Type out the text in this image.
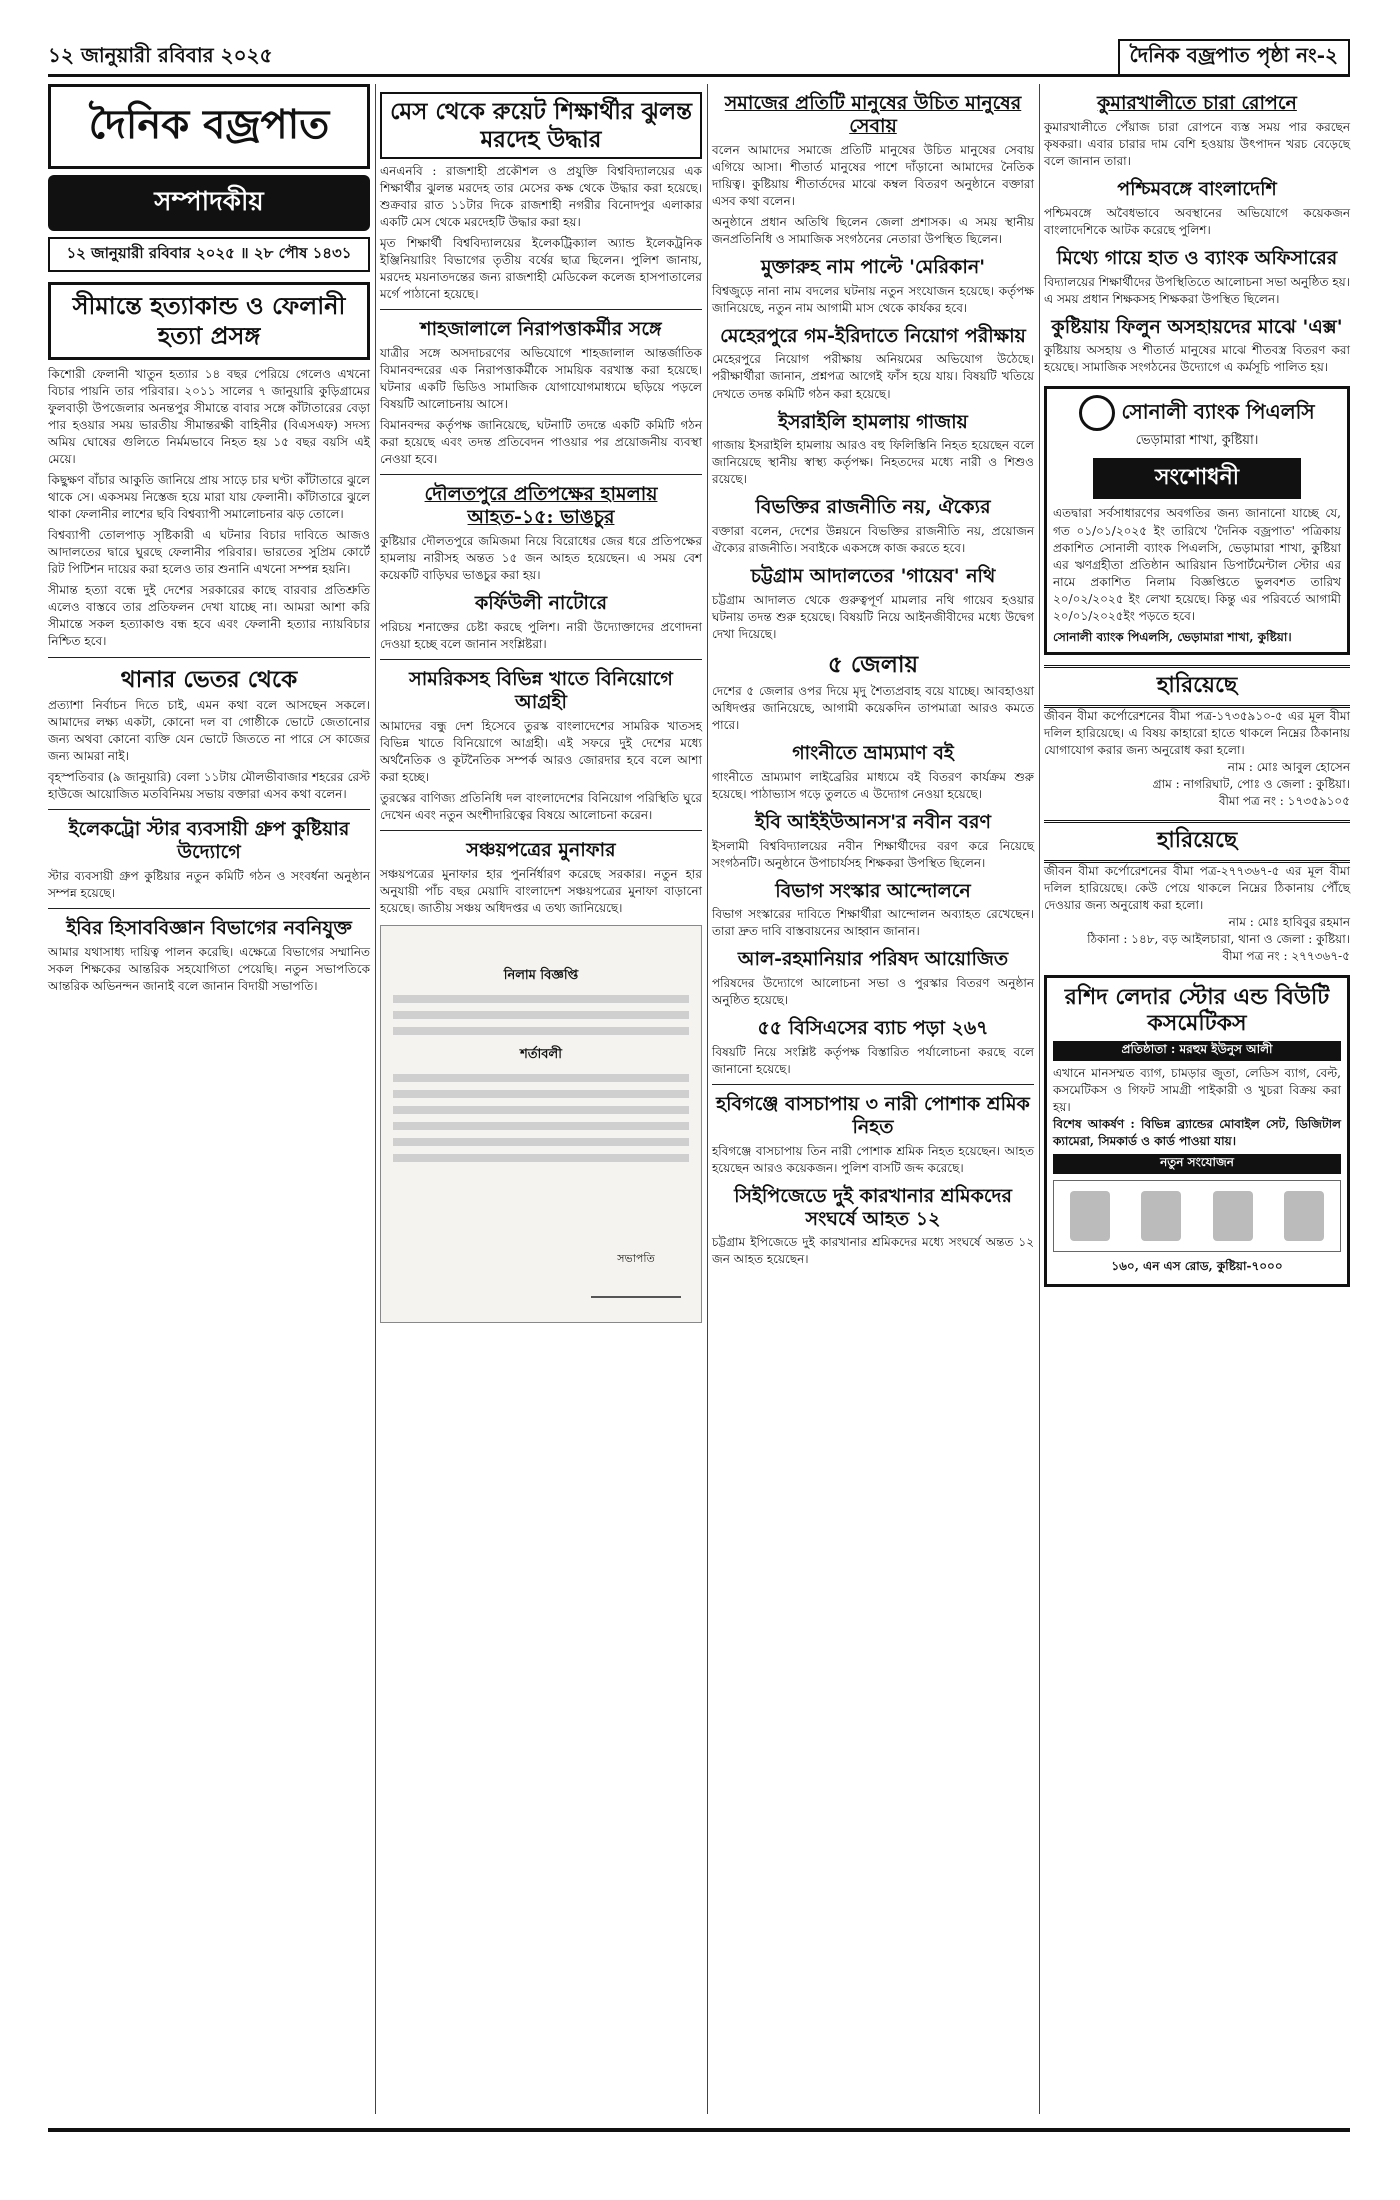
১২ জানুয়ারী রবিবার ২০২৫	দৈনিক বজ্রপাত পৃষ্ঠা নং-২
দৈনিক বজ্রপাত
সম্পাদকীয়
১২ জানুয়ারী রবিবার ২০২৫ ॥ ২৮ পৌষ ১৪৩১
সীমান্তে হত্যাকান্ড ও ফেলানী হত্যা প্রসঙ্গ

কিশোরী ফেলানী খাতুন হত্যার ১৪ বছর পেরিয়ে গেলেও এখনো বিচার পায়নি তার পরিবার। ২০১১ সালের ৭ জানুয়ারি কুড়িগ্রামের ফুলবাড়ী উপজেলার অনন্তপুর সীমান্তে বাবার সঙ্গে কাঁটাতারের বেড়া পার হওয়ার সময় ভারতীয় সীমান্তরক্ষী বাহিনীর (বিএসএফ) সদস্য অমিয় ঘোষের গুলিতে নির্মমভাবে নিহত হয় ১৫ বছর বয়সি এই মেয়ে।

কিছুক্ষণ বাঁচার আকুতি জানিয়ে প্রায় সাড়ে চার ঘণ্টা কাঁটাতারে ঝুলে থাকে সে। একসময় নিস্তেজ হয়ে মারা যায় ফেলানী। কাঁটাতারে ঝুলে থাকা ফেলানীর লাশের ছবি বিশ্বব্যাপী সমালোচনার ঝড় তোলে।

বিশ্বব্যাপী তোলপাড় সৃষ্টিকারী এ ঘটনার বিচার দাবিতে আজও আদালতের দ্বারে ঘুরছে ফেলানীর পরিবার। ভারতের সুপ্রিম কোর্টে রিট পিটিশন দায়ের করা হলেও তার শুনানি এখনো সম্পন্ন হয়নি।

সীমান্ত হত্যা বন্ধে দুই দেশের সরকারের কাছে বারবার প্রতিশ্রুতি এলেও বাস্তবে তার প্রতিফলন দেখা যাচ্ছে না। আমরা আশা করি সীমান্তে সকল হত্যাকাণ্ড বন্ধ হবে এবং ফেলানী হত্যার ন্যায়বিচার নিশ্চিত হবে।

থানার ভেতর থেকে

প্রত্যাশা নির্বাচন দিতে চাই, এমন কথা বলে আসছেন সকলে। আমাদের লক্ষ্য একটা, কোনো দল বা গোষ্ঠীকে ভোটে জেতানোর জন্য অথবা কোনো ব্যক্তি যেন ভোটে জিততে না পারে সে কাজের জন্য আমরা নাই।

বৃহস্পতিবার (৯ জানুয়ারি) বেলা ১১টায় মৌলভীবাজার শহরের রেস্ট হাউজে আয়োজিত মতবিনিময় সভায় বক্তারা এসব কথা বলেন।

ইলেকট্রো স্টার ব্যবসায়ী গ্রুপ কুষ্টিয়ার উদ্যোগে

স্টার ব্যবসায়ী গ্রুপ কুষ্টিয়ার নতুন কমিটি গঠন ও সংবর্ধনা অনুষ্ঠান সম্পন্ন হয়েছে।

ইবির হিসাববিজ্ঞান বিভাগের নবনিযুক্ত

আমার যথাসাধ্য দায়িত্ব পালন করেছি। এক্ষেত্রে বিভাগের সম্মানিত সকল শিক্ষকের আন্তরিক সহযোগিতা পেয়েছি। নতুন সভাপতিকে আন্তরিক অভিনন্দন জানাই বলে জানান বিদায়ী সভাপতি।

মেস থেকে রুয়েট শিক্ষার্থীর ঝুলন্ত মরদেহ উদ্ধার

এনএনবি : রাজশাহী প্রকৌশল ও প্রযুক্তি বিশ্ববিদ্যালয়ের এক শিক্ষার্থীর ঝুলন্ত মরদেহ তার মেসের কক্ষ থেকে উদ্ধার করা হয়েছে। শুক্রবার রাত ১১টার দিকে রাজশাহী নগরীর বিনোদপুর এলাকার একটি মেস থেকে মরদেহটি উদ্ধার করা হয়।

মৃত শিক্ষার্থী বিশ্ববিদ্যালয়ের ইলেকট্রিক্যাল অ্যান্ড ইলেকট্রনিক ইঞ্জিনিয়ারিং বিভাগের তৃতীয় বর্ষের ছাত্র ছিলেন। পুলিশ জানায়, মরদেহ ময়নাতদন্তের জন্য রাজশাহী মেডিকেল কলেজ হাসপাতালের মর্গে পাঠানো হয়েছে।

শাহজালালে নিরাপত্তাকর্মীর সঙ্গে

যাত্রীর সঙ্গে অসদাচরণের অভিযোগে শাহজালাল আন্তর্জাতিক বিমানবন্দরের এক নিরাপত্তাকর্মীকে সাময়িক বরখাস্ত করা হয়েছে। ঘটনার একটি ভিডিও সামাজিক যোগাযোগমাধ্যমে ছড়িয়ে পড়লে বিষয়টি আলোচনায় আসে।

বিমানবন্দর কর্তৃপক্ষ জানিয়েছে, ঘটনাটি তদন্তে একটি কমিটি গঠন করা হয়েছে এবং তদন্ত প্রতিবেদন পাওয়ার পর প্রয়োজনীয় ব্যবস্থা নেওয়া হবে।

দৌলতপুরে প্রতিপক্ষের হামলায় আহত-১৫: ভাঙচুর

কুষ্টিয়ার দৌলতপুরে জমিজমা নিয়ে বিরোধের জের ধরে প্রতিপক্ষের হামলায় নারীসহ অন্তত ১৫ জন আহত হয়েছেন। এ সময় বেশ কয়েকটি বাড়িঘর ভাঙচুর করা হয়।

কর্ফিউলী নাটোরে

পরিচয় শনাক্তের চেষ্টা করছে পুলিশ। নারী উদ্যোক্তাদের প্রণোদনা দেওয়া হচ্ছে বলে জানান সংশ্লিষ্টরা।

সামরিকসহ বিভিন্ন খাতে বিনিয়োগে আগ্রহী

আমাদের বন্ধু দেশ হিসেবে তুরস্ক বাংলাদেশের সামরিক খাতসহ বিভিন্ন খাতে বিনিয়োগে আগ্রহী। এই সফরে দুই দেশের মধ্যে অর্থনৈতিক ও কূটনৈতিক সম্পর্ক আরও জোরদার হবে বলে আশা করা হচ্ছে।

তুরস্কের বাণিজ্য প্রতিনিধি দল বাংলাদেশের বিনিয়োগ পরিস্থিতি ঘুরে দেখেন এবং নতুন অংশীদারিত্বের বিষয়ে আলোচনা করেন।

সঞ্চয়পত্রের মুনাফার

সঞ্চয়পত্রের মুনাফার হার পুনর্নির্ধারণ করেছে সরকার। নতুন হার অনুযায়ী পাঁচ বছর মেয়াদি বাংলাদেশ সঞ্চয়পত্রের মুনাফা বাড়ানো হয়েছে। জাতীয় সঞ্চয় অধিদপ্তর এ তথ্য জানিয়েছে।

নিলাম বিজ্ঞপ্তি
শর্তাবলী
সভাপতি
সমাজের প্রতিটি মানুষের উচিত মানুষের সেবায়

বলেন আমাদের সমাজে প্রতিটি মানুষের উচিত মানুষের সেবায় এগিয়ে আসা। শীতার্ত মানুষের পাশে দাঁড়ানো আমাদের নৈতিক দায়িত্ব। কুষ্টিয়ায় শীতার্তদের মাঝে কম্বল বিতরণ অনুষ্ঠানে বক্তারা এসব কথা বলেন।

অনুষ্ঠানে প্রধান অতিথি ছিলেন জেলা প্রশাসক। এ সময় স্থানীয় জনপ্রতিনিধি ও সামাজিক সংগঠনের নেতারা উপস্থিত ছিলেন।

মুক্তারুহ নাম পাল্টে 'মেরিকান'

বিশ্বজুড়ে নানা নাম বদলের ঘটনায় নতুন সংযোজন হয়েছে। কর্তৃপক্ষ জানিয়েছে, নতুন নাম আগামী মাস থেকে কার্যকর হবে।

মেহেরপুরে গম-ইরিদাতে নিয়োগ পরীক্ষায়

মেহেরপুরে নিয়োগ পরীক্ষায় অনিয়মের অভিযোগ উঠেছে। পরীক্ষার্থীরা জানান, প্রশ্নপত্র আগেই ফাঁস হয়ে যায়। বিষয়টি খতিয়ে দেখতে তদন্ত কমিটি গঠন করা হয়েছে।

ইসরাইলি হামলায় গাজায়

গাজায় ইসরাইলি হামলায় আরও বহু ফিলিস্তিনি নিহত হয়েছেন বলে জানিয়েছে স্থানীয় স্বাস্থ্য কর্তৃপক্ষ। নিহতদের মধ্যে নারী ও শিশুও রয়েছে।

বিভক্তির রাজনীতি নয়, ঐক্যের

বক্তারা বলেন, দেশের উন্নয়নে বিভক্তির রাজনীতি নয়, প্রয়োজন ঐক্যের রাজনীতি। সবাইকে একসঙ্গে কাজ করতে হবে।

চট্টগ্রাম আদালতের 'গায়েব' নথি

চট্টগ্রাম আদালত থেকে গুরুত্বপূর্ণ মামলার নথি গায়েব হওয়ার ঘটনায় তদন্ত শুরু হয়েছে। বিষয়টি নিয়ে আইনজীবীদের মধ্যে উদ্বেগ দেখা দিয়েছে।

৫ জেলায়

দেশের ৫ জেলার ওপর দিয়ে মৃদু শৈত্যপ্রবাহ বয়ে যাচ্ছে। আবহাওয়া অধিদপ্তর জানিয়েছে, আগামী কয়েকদিন তাপমাত্রা আরও কমতে পারে।

গাংনীতে ভ্রাম্যমাণ বই

গাংনীতে ভ্রাম্যমাণ লাইব্রেরির মাধ্যমে বই বিতরণ কার্যক্রম শুরু হয়েছে। পাঠাভ্যাস গড়ে তুলতে এ উদ্যোগ নেওয়া হয়েছে।

ইবি আইইউআনস'র নবীন বরণ

ইসলামী বিশ্ববিদ্যালয়ের নবীন শিক্ষার্থীদের বরণ করে নিয়েছে সংগঠনটি। অনুষ্ঠানে উপাচার্যসহ শিক্ষকরা উপস্থিত ছিলেন।

বিভাগ সংস্কার আন্দোলনে

বিভাগ সংস্কারের দাবিতে শিক্ষার্থীরা আন্দোলন অব্যাহত রেখেছেন। তারা দ্রুত দাবি বাস্তবায়নের আহ্বান জানান।

আল-রহমানিয়ার পরিষদ আয়োজিত

পরিষদের উদ্যোগে আলোচনা সভা ও পুরস্কার বিতরণ অনুষ্ঠান অনুষ্ঠিত হয়েছে।

৫৫ বিসিএসের ব্যাচ পড়া ২৬৭

বিষয়টি নিয়ে সংশ্লিষ্ট কর্তৃপক্ষ বিস্তারিত পর্যালোচনা করছে বলে জানানো হয়েছে।

হবিগঞ্জে বাসচাপায় ৩ নারী পোশাক শ্রমিক নিহত

হবিগঞ্জে বাসচাপায় তিন নারী পোশাক শ্রমিক নিহত হয়েছেন। আহত হয়েছেন আরও কয়েকজন। পুলিশ বাসটি জব্দ করেছে।

সিইপিজেডে দুই কারখানার শ্রমিকদের সংঘর্ষে আহত ১২

চট্টগ্রাম ইপিজেডে দুই কারখানার শ্রমিকদের মধ্যে সংঘর্ষে অন্তত ১২ জন আহত হয়েছেন।

কুমারখালীতে চারা রোপনে

কুমারখালীতে পেঁয়াজ চারা রোপনে ব্যস্ত সময় পার করছেন কৃষকরা। এবার চারার দাম বেশি হওয়ায় উৎপাদন খরচ বেড়েছে বলে জানান তারা।

পশ্চিমবঙ্গে বাংলাদেশি

পশ্চিমবঙ্গে অবৈধভাবে অবস্থানের অভিযোগে কয়েকজন বাংলাদেশিকে আটক করেছে পুলিশ।

মিথ্যে গায়ে হাত ও ব্যাংক অফিসারের

বিদ্যালয়ের শিক্ষার্থীদের উপস্থিতিতে আলোচনা সভা অনুষ্ঠিত হয়। এ সময় প্রধান শিক্ষকসহ শিক্ষকরা উপস্থিত ছিলেন।

কুষ্টিয়ায় ফিলুন অসহায়দের মাঝে 'এক্স'

কুষ্টিয়ায় অসহায় ও শীতার্ত মানুষের মাঝে শীতবস্ত্র বিতরণ করা হয়েছে। সামাজিক সংগঠনের উদ্যোগে এ কর্মসূচি পালিত হয়।

সোনালী ব্যাংক পিএলসি
ভেড়ামারা শাখা, কুষ্টিয়া।
সংশোধনী
এতদ্বারা সর্বসাধারণের অবগতির জন্য জানানো যাচ্ছে যে, গত ০১/০১/২০২৫ ইং তারিখে 'দৈনিক বজ্রপাত' পত্রিকায় প্রকাশিত সোনালী ব্যাংক পিএলসি, ভেড়ামারা শাখা, কুষ্টিয়া এর ঋণগ্রহীতা প্রতিষ্ঠান আরিয়ান ডিপার্টমেন্টাল স্টোর এর নামে প্রকাশিত নিলাম বিজ্ঞপ্তিতে ভুলবশত তারিখ ২০/০২/২০২৫ ইং লেখা হয়েছে। কিন্তু এর পরিবর্তে আগামী ২০/০১/২০২৫ইং পড়তে হবে।
সোনালী ব্যাংক পিএলসি, ভেড়ামারা শাখা, কুষ্টিয়া।
হারিয়েছে
জীবন বীমা কর্পোরেশনের বীমা পত্র-১৭৩৫৯১০-৫ এর মূল বীমা দলিল হারিয়েছে। এ বিষয় কাহারো হাতে থাকলে নিম্নের ঠিকানায় যোগাযোগ করার জন্য অনুরোধ করা হলো।
নাম : মোঃ আবুল হোসেন
গ্রাম : নাগরিঘাট, পোঃ ও জেলা : কুষ্টিয়া।
বীমা পত্র নং : ১৭৩৫৯১০৫
হারিয়েছে
জীবন বীমা কর্পোরেশনের বীমা পত্র-২৭৭৩৬৭-৫ এর মূল বীমা দলিল হারিয়েছে। কেউ পেয়ে থাকলে নিম্নের ঠিকানায় পৌঁছে দেওয়ার জন্য অনুরোধ করা হলো।
নাম : মোঃ হাবিবুর রহমান
ঠিকানা : ১৪৮, বড় আইলচারা, থানা ও জেলা : কুষ্টিয়া।
বীমা পত্র নং : ২৭৭৩৬৭-৫
রশিদ লেদার স্টোর এন্ড বিউটি কসমেটিকস
প্রতিষ্ঠাতা : মরহুম ইউনুস আলী
এখানে মানসম্মত ব্যাগ, চামড়ার জুতা, লেডিস ব্যাগ, বেল্ট, কসমেটিকস ও গিফট সামগ্রী পাইকারী ও খুচরা বিক্রয় করা হয়।
বিশেষ আকর্ষণ : বিভিন্ন ব্র্যান্ডের মোবাইল সেট, ডিজিটাল ক্যামেরা, সিমকার্ড ও কার্ড পাওয়া যায়।
নতুন সংযোজন
১৬০, এন এস রোড, কুষ্টিয়া-৭০০০
